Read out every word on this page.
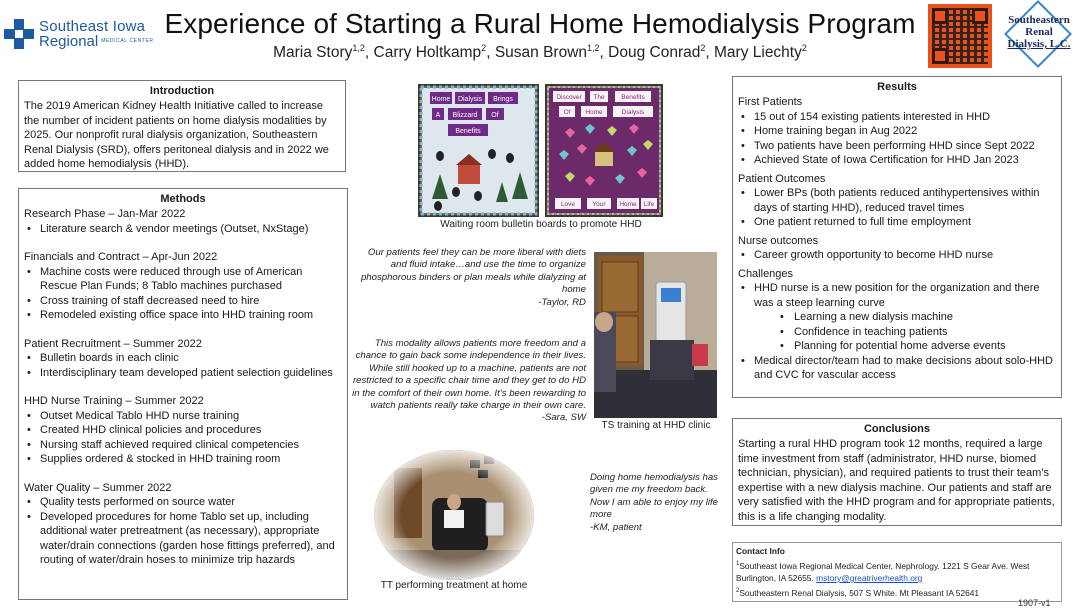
Southeast Iowa
Regional MEDICAL CENTER
Experience of Starting a Rural Home Hemodialysis Program
Maria Story$^{1,2}$, Carry Holtkamp$^2$, Susan Brown$^{1,2}$, Doug Conrad$^2$, Mary Liechty$^2$
Southeastern
Renal
Dialysis, L.C.
Introduction

The 2019 American Kidney Health Initiative called to increase the number of incident patients on home dialysis modalities by 2025. Our nonprofit rural dialysis organization, Southeastern Renal Dialysis (SRD), offers peritoneal dialysis and in 2022 we added home hemodialysis (HHD).

Methods
Research Phase – Jan-Mar 2022
• Literature search & vendor meetings (Outset, NxStage)
Financials and Contract – Apr-Jun 2022
• Machine costs were reduced through use of American Rescue Plan Funds; 8 Tablo machines purchased
• Cross training of staff decreased need to hire
• Remodeled existing office space into HHD training room
Patient Recruitment – Summer 2022
• Bulletin boards in each clinic
• Interdisciplinary team developed patient selection guidelines
HHD Nurse Training – Summer 2022
• Outset Medical Tablo HHD nurse training
• Created HHD clinical policies and procedures
• Nursing staff achieved required clinical competencies
• Supplies ordered & stocked in HHD training room
Water Quality – Summer 2022
• Quality tests performed on source water
• Developed procedures for home Tablo set up, including additional water pretreatment (as necessary), appropriate water/drain connections (garden hose fittings preferred), and routing of water/drain hoses to minimize trip hazards
Home Dialysis Brings
A Blizzard Of
Benefits
Discover The	Benefits
Of Home	Dialysis
Love	Your Home Life
Waiting room bulletin boards to promote HHD
Our patients feel they can be more liberal with diets and fluid intake…and use the time to organize phosphorous binders or plan meals while dialyzing at home
-Taylor, RD
TS training at HHD clinic
This modality allows patients more freedom and a chance to gain back some independence in their lives. While still hooked up to a machine, patients are not restricted to a specific chair time and they get to do HD in the comfort of their own home. It’s been rewarding to watch patients really take charge in their own care.
-Sara, SW
TT performing treatment at home
Doing home hemodialysis has given me my freedom back. Now I am able to enjoy my life more
-KM, patient
Results
First Patients
• 15 out of 154 existing patients interested in HHD
• Home training began in Aug 2022
• Two patients have been performing HHD since Sept 2022
• Achieved State of Iowa Certification for HHD Jan 2023
Patient Outcomes
• Lower BPs (both patients reduced antihypertensives within days of starting HHD), reduced travel times
• One patient returned to full time employment
Nurse outcomes
• Career growth opportunity to become HHD nurse
Challenges
• HHD nurse is a new position for the organization and there was a steep learning curve
• Learning a new dialysis machine
• Confidence in teaching patients
• Planning for potential home adverse events
• Medical director/team had to make decisions about solo-HHD and CVC for vascular access
Conclusions

Starting a rural HHD program took 12 months, required a large time investment from staff (administrator, HHD nurse, biomed technician, physician), and required patients to trust their team’s expertise with a new dialysis machine. Our patients and staff are very satisfied with the HHD program and for appropriate patients, this is a life changing modality.

Contact Info
$^1$Southeast Iowa Regional Medical Center, Nephrology. 1221 S Gear Ave. West Burlington, IA 52655. mstory@greatriverhealth.org
$^2$Southeastern Renal Dialysis, 507 S White. Mt Pleasant IA 52641
1907-v1
